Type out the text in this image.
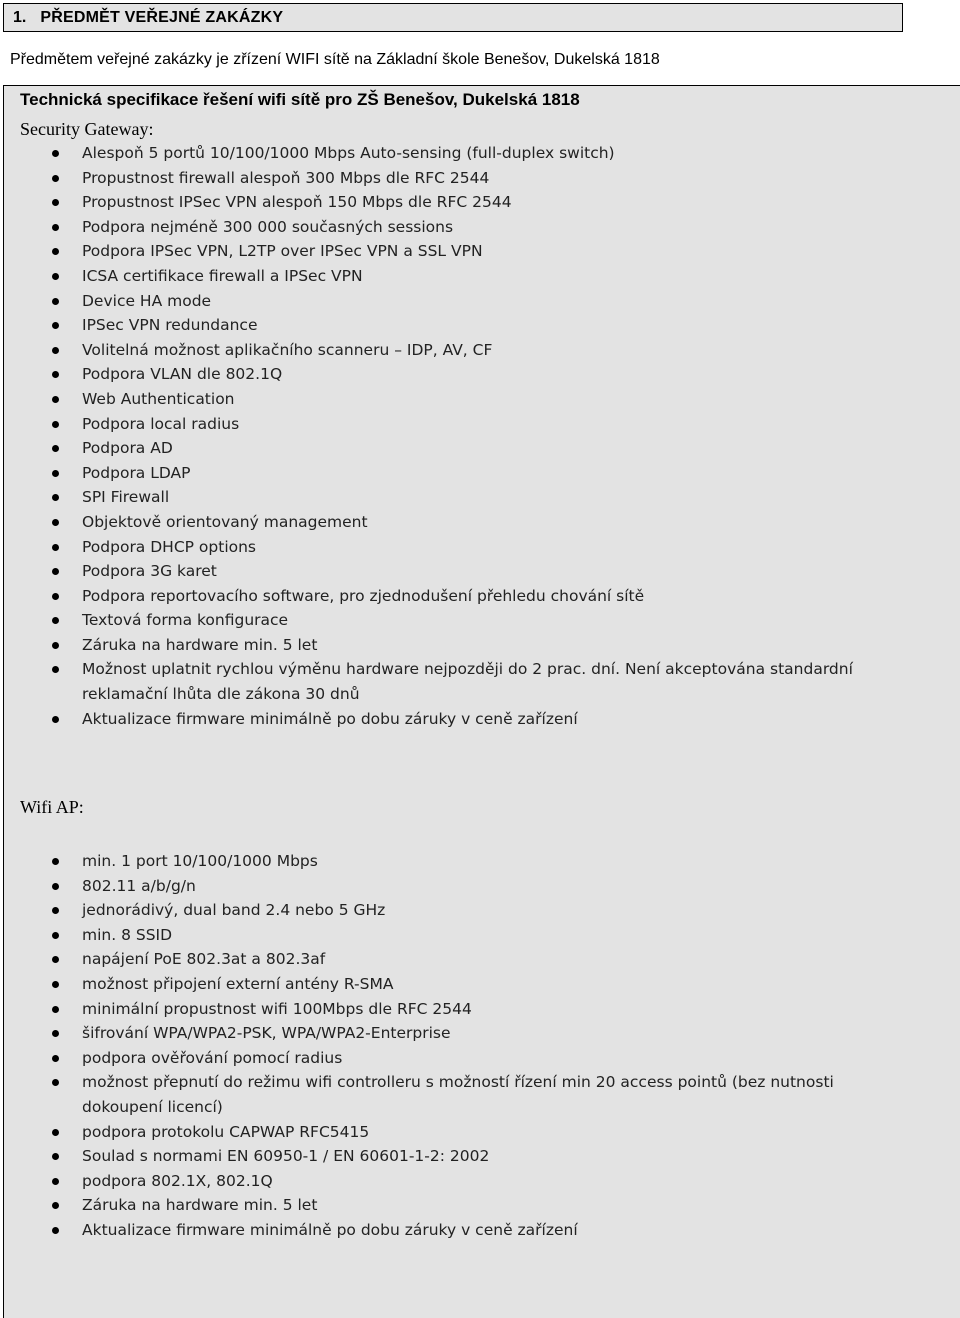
1. PŘEDMĚT VEŘEJNÉ ZAKÁZKY
Předmětem veřejné zakázky je zřízení WIFI sítě na Základní škole Benešov, Dukelská 1818
Technická specifikace řešení wifi sítě pro ZŠ Benešov, Dukelská 1818
Security Gateway:
Alespoň 5 portů 10/100/1000 Mbps Auto-sensing (full-duplex switch)
Propustnost firewall alespoň 300 Mbps dle RFC 2544
Propustnost IPSec VPN alespoň 150 Mbps dle RFC 2544
Podpora nejméně 300 000 současných sessions
Podpora IPSec VPN, L2TP over IPSec VPN a SSL VPN
ICSA certifikace firewall a IPSec VPN
Device HA mode
IPSec VPN redundance
Volitelná možnost aplikačního scanneru – IDP, AV, CF
Podpora VLAN dle 802.1Q
Web Authentication
Podpora local radius
Podpora AD
Podpora LDAP
SPI Firewall
Objektově orientovaný management
Podpora DHCP options
Podpora 3G karet
Podpora reportovacího software, pro zjednodušení přehledu chování sítě
Textová forma konfigurace
Záruka na hardware min. 5 let
Možnost uplatnit rychlou výměnu hardware nejpozději do 2 prac. dní. Není akceptována standardní
reklamační lhůta dle zákona 30 dnů
Aktualizace firmware minimálně po dobu záruky v ceně zařízení
Wifi AP:
min. 1 port 10/100/1000 Mbps
802.11 a/b/g/n
jednorádivý, dual band 2.4 nebo 5 GHz
min. 8 SSID
napájení PoE 802.3at a 802.3af
možnost připojení externí antény R-SMA
minimální propustnost wifi 100Mbps dle RFC 2544
šifrování WPA/WPA2-PSK, WPA/WPA2-Enterprise
podpora ověřování pomocí radius
možnost přepnutí do režimu wifi controlleru s možností řízení min 20 access pointů (bez nutnosti
dokoupení licencí)
podpora protokolu CAPWAP RFC5415
Soulad s normami EN 60950-1 / EN 60601-1-2: 2002
podpora 802.1X, 802.1Q
Záruka na hardware min. 5 let
Aktualizace firmware minimálně po dobu záruky v ceně zařízení
